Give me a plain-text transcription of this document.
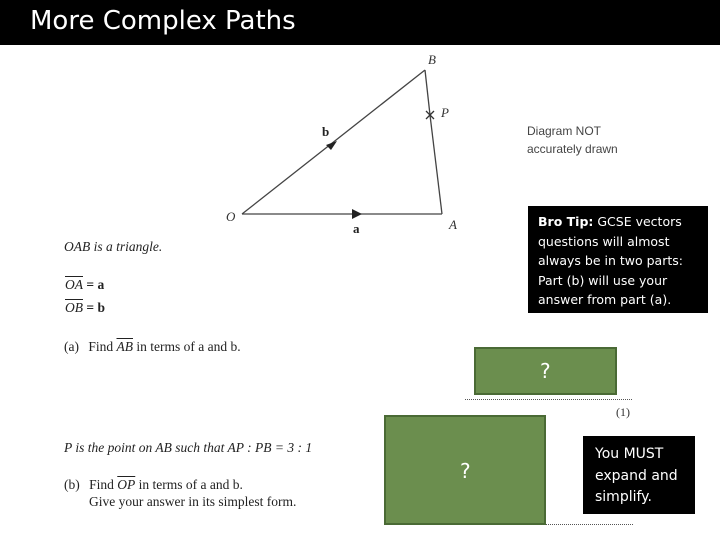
More Complex Paths
B
P
O
A
b
a
Diagram NOT
accurately drawn
OAB is a triangle.
$\overline{OA} = a$
$\overline{OB} = b$
(a) Find $\overline{AB}$ in terms of a and b.
(1)
P is the point on AB such that AP : PB = 3 : 1
(b) Find $\overline{OP}$ in terms of a and b.
Give your answer in its simplest form.
Bro Tip: GCSE vectors questions will almost always be in two parts: Part (b) will use your answer from part (a).
?
?
You MUST expand and simplify.
